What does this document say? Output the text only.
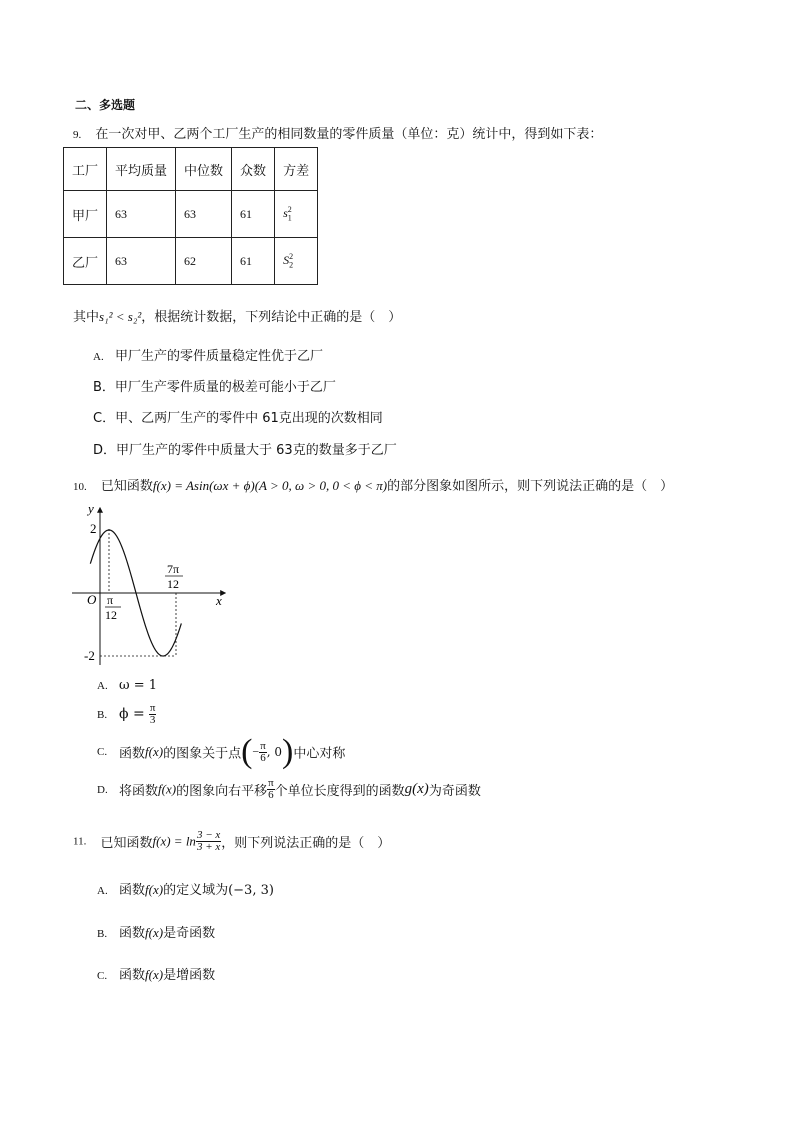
二、多选题
9. 在一次对甲、乙两个工厂生产的相同数量的零件质量（单位：克）统计中，得到如下表：
工厂	平均质量	中位数	众数	方差
甲厂	63	63	61	$s_1^2$
乙厂	63	62	61	$S_2^2$
其中s₁² < s₂²，根据统计数据，下列结论中正确的是（　）
A. 甲厂生产的零件质量稳定性优于乙厂
B．甲厂生产零件质量的极差可能小于乙厂
C．甲、乙两厂生产的零件中 61克出现的次数相同
D．甲厂生产的零件中质量大于 63克的数量多于乙厂
10. 已知函数f(x) = Asin(ωx + ϕ)(A > 0, ω > 0, 0 < ϕ < π)的部分图象如图所示，则下列说法正确的是（　）
y
x
O
2
-2
π
12
7π
12
A. ω = 1
B. $\phi = \frac{\pi}{3}$
C. 函数f(x)的图象关于点(− $\frac{\pi}{6}$ , 0)中心对称
D. 将函数f(x)的图象向右平移 $\frac{\pi}{6}$ 个单位长度得到的函数g(x)为奇函数
11. 已知函数$f(x) = \ln \frac{3 - x}{3 + x}$ ，则下列说法正确的是（　）
A. 函数f(x)的定义域为(−3, 3)
B. 函数f(x)是奇函数
C. 函数f(x)是增函数
